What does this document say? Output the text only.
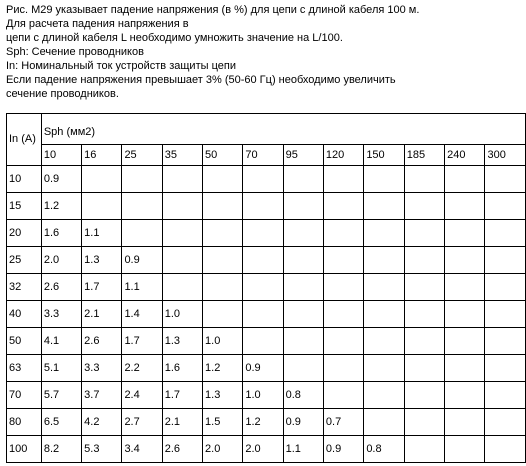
Рис. M29 указывает падение напряжения (в %) для цепи с длиной кабеля 100 м.
Для расчета падения напряжения в
цепи с длиной кабеля L необходимо умножить значение на L/100.
Sph: Сечение проводников
In: Номинальный ток устройств защиты цепи
Если падение напряжения превышает 3% (50-60 Гц) необходимо увеличить
сечение проводников.
In (A)	Sph (мм2)											
	10	16	25	35	50	70	95	120	150	185	240	300
10	0.9											
15	1.2											
20	1.6	1.1										
25	2.0	1.3	0.9									
32	2.6	1.7	1.1									
40	3.3	2.1	1.4	1.0								
50	4.1	2.6	1.7	1.3	1.0							
63	5.1	3.3	2.2	1.6	1.2	0.9						
70	5.7	3.7	2.4	1.7	1.3	1.0	0.8					
80	6.5	4.2	2.7	2.1	1.5	1.2	0.9	0.7				
100	8.2	5.3	3.4	2.6	2.0	2.0	1.1	0.9	0.8			
